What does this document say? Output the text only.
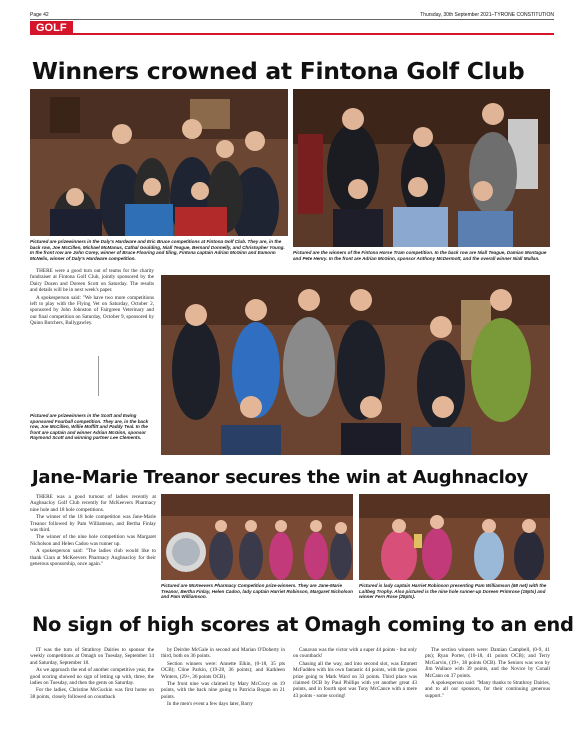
Page 42	Thursday, 30th September 2021–TYRONE CONSTITUTION
GOLF
Winners crowned at Fintona Golf Club
Pictured are prizewinners in the Daly's Hardware and Eric Bruce competitions at Fintona Golf Club. They are, in the back row, Joe McCillen, Michael McManus, Cathal Goulding, Niall Teague, Bernard Donnelly, and Christopher Young. In the front row are John Corey, winner of Bruce Flooring and tiling, Fintona captain Adrian McGinn and Eamonn McNelis, winner of Daly's Hardware competition.
Pictured are the winners of the Fintona Horse Tram competition. In the back row are Niall Teague, Damian Montague and Pete Henry. In the front are Adrian McGinn, sponsor Anthony McDermott, and the overall winner Niall Mullan.

THERE were a good turn out of teams for the charity fundraiser at Fintona Golf Club, jointly sponsored by the Dairy Dozen and Doreen Scott on Saturday. The results and details will be in next week's paper.

A spokesperson said: "We have two more competitions left to play with the Flying Vet on Saturday, October 2, sponsored by John Johnston of Fairgreen Veterinary and our final competition on Saturday, October 9, sponsored by Quinn Butchers, Ballygawley.

Pictured are prizewinners in the Scott and Ewing sponsored Fourball competition. They are, in the back row, Joe McCillen, Willie Moffitt and Paddy Teal. In the front are captain and winner Adrian McGinn, sponsor Raymond Scott and winning partner Lee Clements.
Jane-Marie Treanor secures the win at Aughnacloy

THERE was a good turnout of ladies recently at Aughnacloy Golf Club recently for McKeevers Pharmacy nine hole and 18 hole competitions.

The winner of the 18 hole competition was Jane-Marie Treanor followed by Pam Williamson, and Bertha Finlay was third.

The winner of the nine hole competition was Margaret Nicholson and Helen Cadoo was runner up.

A spokesperson said: "The ladies club would like to thank Ciara at McKeevers Pharmacy Aughnacloy for their generous sponsorship, once again."

Pictured are McKeevers Pharmacy Competition prize-winners. They are Jane-Marie Treanor, Bertha Finlay, Helen Cadoo, lady captain Harriet Robinson, Margaret Nicholson and Pam Williamson.
Pictured is lady captain Harriet Robinson presenting Pam Williamson (68 net) with the Laitbeg Trophy. Also pictured is the nine hole runner-up Doreen Primrose (19pts) and winner Fern Rose (25pts).
No sign of high scores at Omagh coming to an end

IT was the turn of Strathroy Dairies to sponsor the weekly competitions at Omagh on Tuesday, September 14 and Saturday, September 18.

As we approach the end of another competitive year, the good scoring showed no sign of letting up with, three, the ladies on Tuesday, and then the gents on Saturday.

For the ladies, Christine McGuckin was first home on 38 points, closely followed on countback

by Deirdre McGale in second and Marian O'Doherty in third, both on 36 points.

Section winners were: Annette Elkin, (0-18, 35 pts OCB); Cline Parkin, (19-28, 36 points); and Kathleen Winters, (29+, 36 points OCB).

The front nine was claimed by Mary McCrory on 19 points, with the back nine going to Patricia Bogan on 21 points.

In the men's event a few days later, Barry

Canavan was the victor with a super 44 points - but only on countback!

Chasing all the way, and into second slot, was Emmett McFadden with his own fantastic 44 points, with the gross prize going to Mark Ward on 33 points. Third place was claimed OCB by Paul Phillips with yet another great 43 points, and in fourth spot was Tony McCance with a mere 43 points - some scoring!

The section winners were: Damian Campbell, (0-9, 41 pts); Ryan Porter, (10-18, 41 points OCB); and Terry McGarvin, (19+, 38 points OCB). The Seniors was won by Jim Wallace with 39 points, and the Novice by Conall McCann on 37 points.

A spokesperson said: "Many thanks to Strathroy Dairies, and to all our sponsors, for their continuing generous support."
